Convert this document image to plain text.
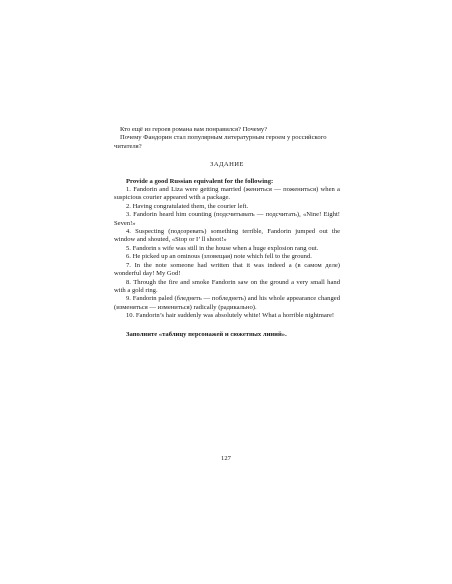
Кто ещё из героев романа вам понравился? Почему?

Почему Фандорин стал популярным литературным героем у российского читателя?

ЗАДАНИЕ

Provide a good Russian equivalent for the following:

1. Fandorin and Liza were getting married (жениться — пожениться) when a suspicious courier appeared with a package.

2. Having congratulated them, the courier left.

3. Fandorin heard him counting (подсчитывать — подсчитать), «Nine! Eight! Seven!»

4. Suspecting (подозревать) something terrible, Fandorin jumped out the window and shouted, «Stop or I’ ll shoot!»

5. Fandorin s wife was still in the house when a huge explosion rang out.

6. He picked up an ominous (зловещая) note which fell to the ground.

7. In the note someone had written that it was indeed a (в самом деле) wonderful day! My God!

8. Through the fire and smoke Fandorin saw on the ground a very small hand with a gold ring.

9. Fandorin paled (бледнеть — побледнеть) and his whole appearance changed (изменяться — измениться) radically (радикально).

10. Fandorin’s hair suddenly was absolutely white! What a horrible nightmare!

Заполните «таблицу персонажей и сюжетных линий».
127
